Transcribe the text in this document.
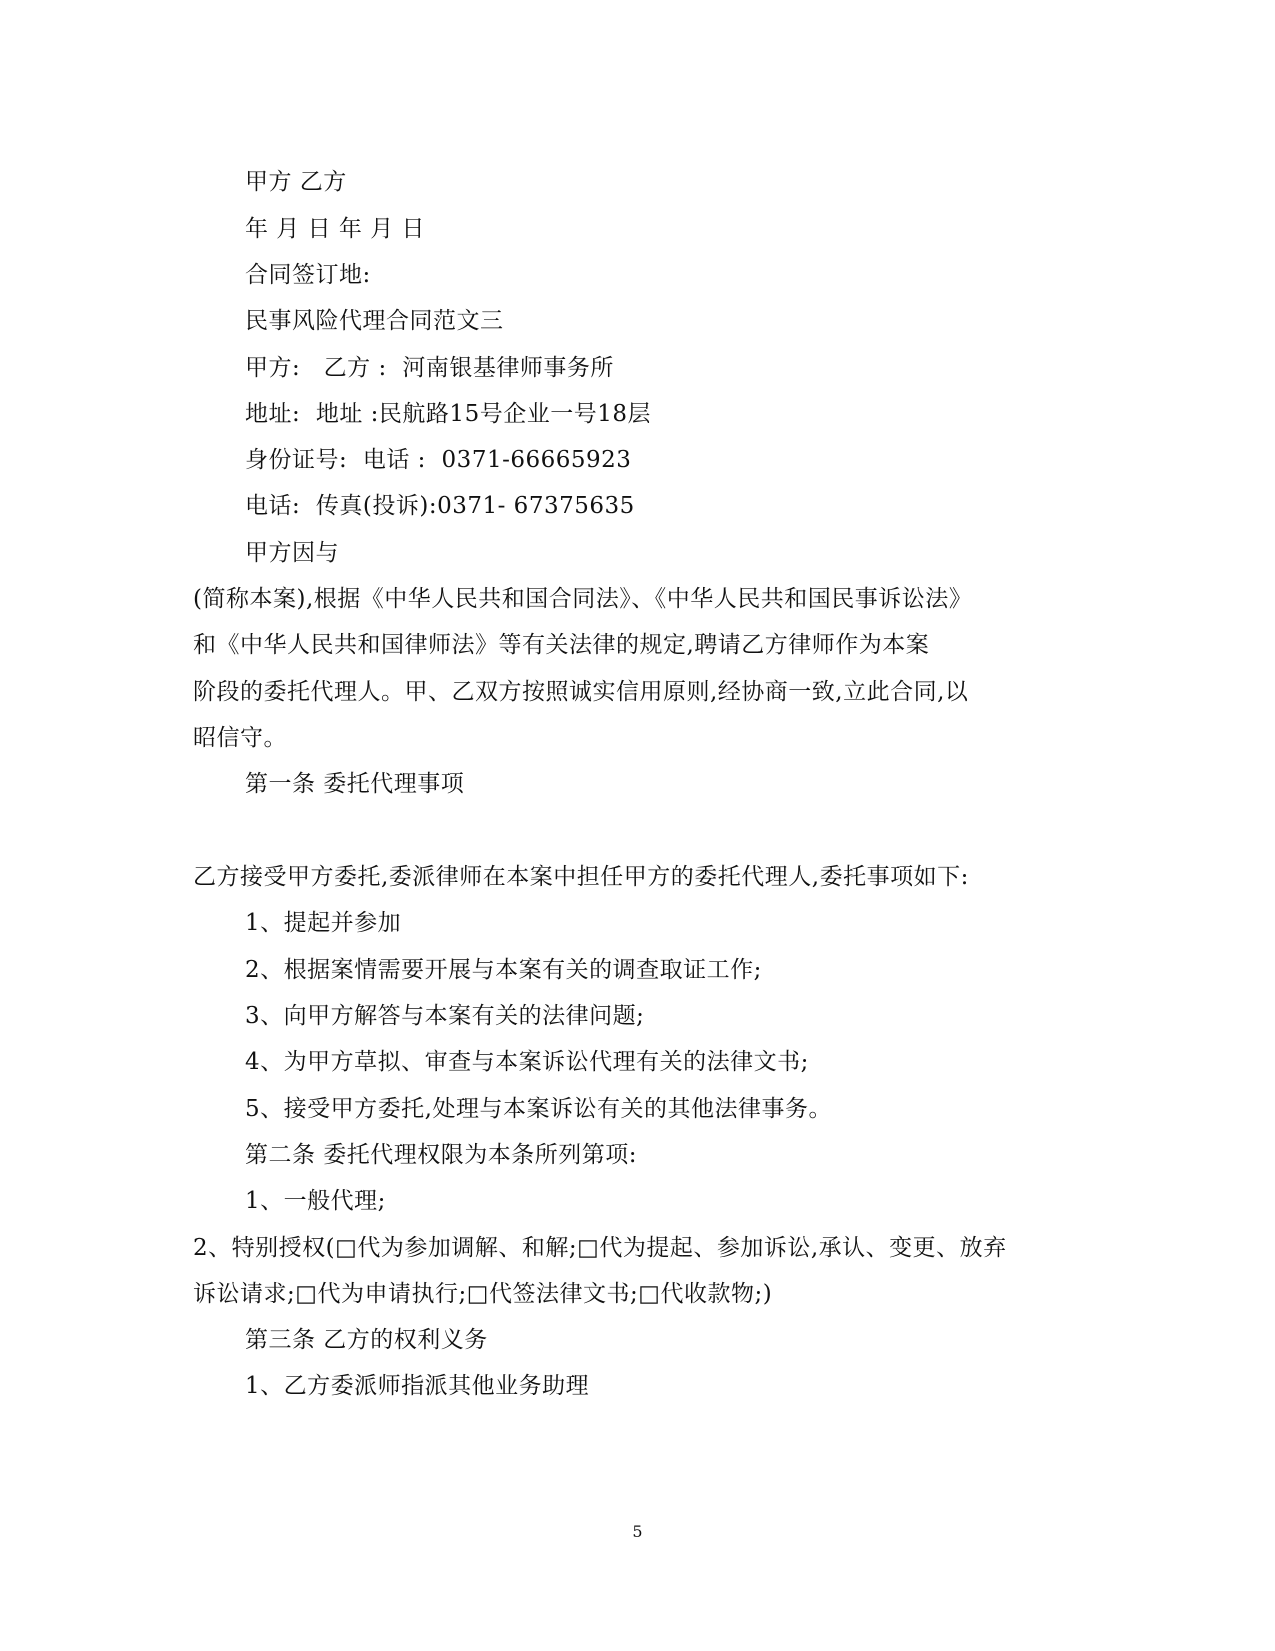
甲方 乙方
年 月 日 年 月 日
合同签订地:
民事风险代理合同范文三
甲方:   乙方 :  河南银基律师事务所
地址:  地址 :民航路15号企业一号18层
身份证号:  电话 :  0371-66665923
电话:  传真(投诉):0371- 67375635
甲方因与
(简称本案),根据《中华人民共和国合同法》、《中华人民共和国民事诉讼法》
和《中华人民共和国律师法》等有关法律的规定,聘请乙方律师作为本案
阶段的委托代理人。甲、乙双方按照诚实信用原则,经协商一致,立此合同,以
昭信守。
第一条 委托代理事项
乙方接受甲方委托,委派律师在本案中担任甲方的委托代理人,委托事项如下:
1、提起并参加
2、根据案情需要开展与本案有关的调查取证工作;
3、向甲方解答与本案有关的法律问题;
4、为甲方草拟、审查与本案诉讼代理有关的法律文书;
5、接受甲方委托,处理与本案诉讼有关的其他法律事务。
第二条 委托代理权限为本条所列第项:
1、一般代理;
2、特别授权(□代为参加调解、和解;□代为提起、参加诉讼,承认、变更、放弃
诉讼请求;□代为申请执行;□代签法律文书;□代收款物;)
第三条 乙方的权利义务
1、乙方委派师指派其他业务助理
5
